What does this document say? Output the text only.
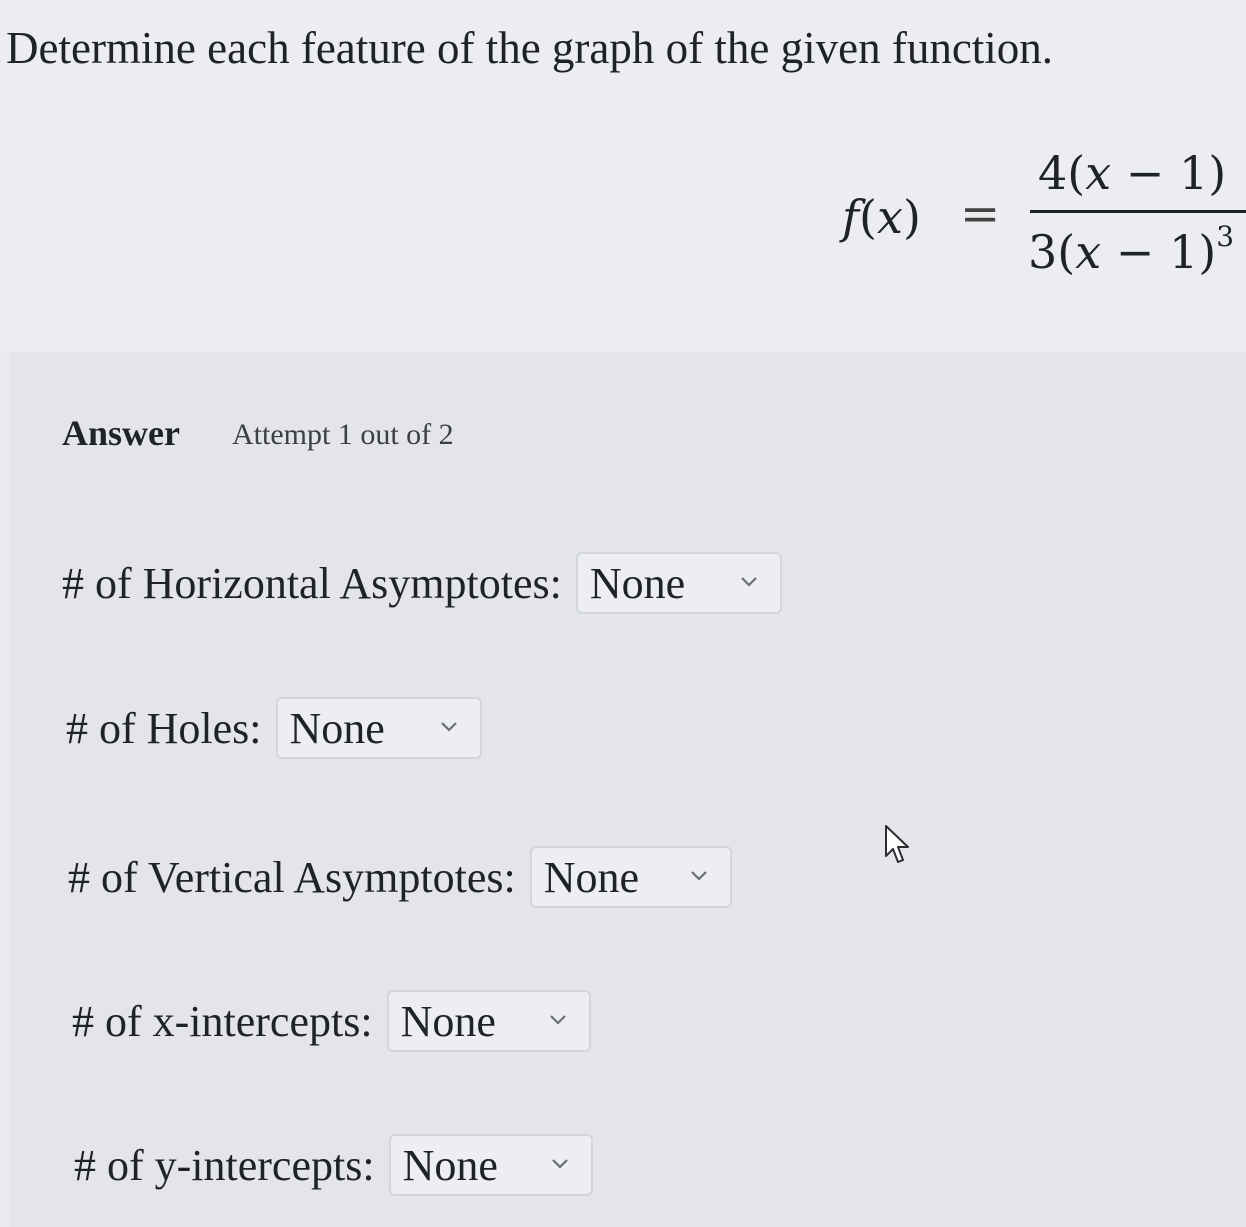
Determine each feature of the graph of the given function.
f(x) =
4(x − 1)
$3(x - 1)^3$
Answer Attempt 1 out of 2
# of Horizontal Asymptotes: None
# of Holes: None
# of Vertical Asymptotes: None
# of x-intercepts: None
# of y-intercepts: None
